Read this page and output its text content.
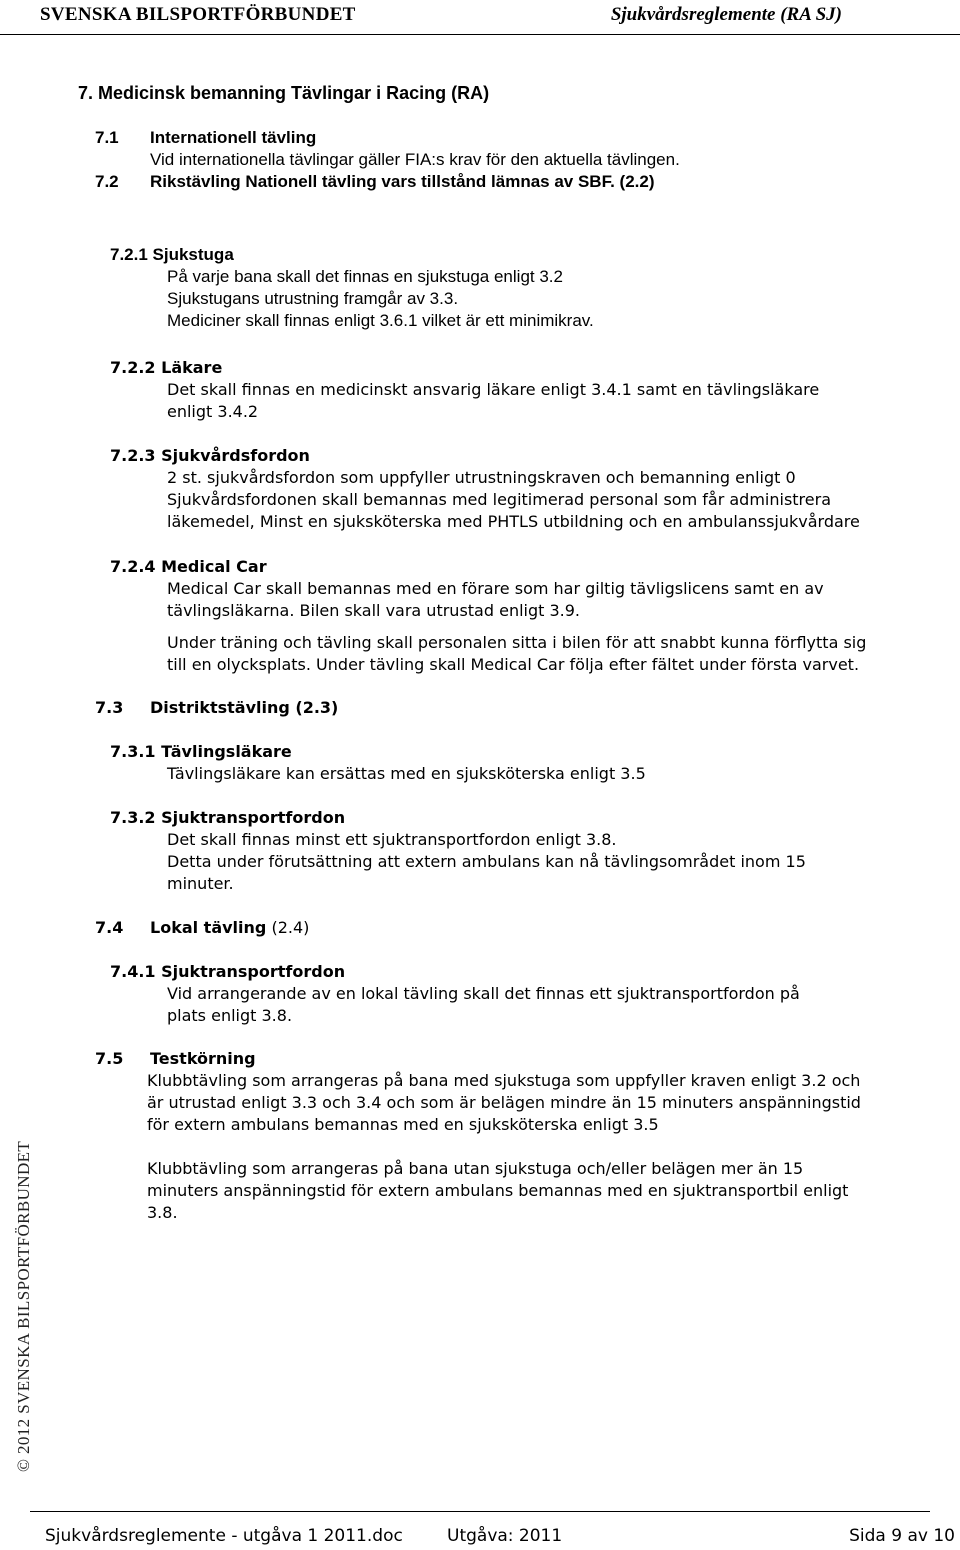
SVENSKA BILSPORTFÖRBUNDET	Sjukvårdsreglemente (RA SJ)
7. Medicinsk bemanning Tävlingar i Racing (RA)
7.1 Internationell tävling
Vid internationella tävlingar gäller FIA:s krav för den aktuella tävlingen.
7.2 Rikstävling Nationell tävling vars tillstånd lämnas av SBF. (2.2)
7.2.1 Sjukstuga
På varje bana skall det finnas en sjukstuga enligt 3.2
Sjukstugans utrustning framgår av 3.3.
Mediciner skall finnas enligt 3.6.1 vilket är ett minimikrav.
7.2.2 Läkare
Det skall finnas en medicinskt ansvarig läkare enligt 3.4.1 samt en tävlingsläkare
enligt 3.4.2
7.2.3 Sjukvårdsfordon
2 st. sjukvårdsfordon som uppfyller utrustningskraven och bemanning enligt 0
Sjukvårdsfordonen skall bemannas med legitimerad personal som får administrera
läkemedel, Minst en sjuksköterska med PHTLS utbildning och en ambulanssjukvårdare
7.2.4 Medical Car
Medical Car skall bemannas med en förare som har giltig tävligslicens samt en av
tävlingsläkarna. Bilen skall vara utrustad enligt 3.9.
Under träning och tävling skall personalen sitta i bilen för att snabbt kunna förflytta sig
till en olycksplats. Under tävling skall Medical Car följa efter fältet under första varvet.
7.3 Distriktstävling (2.3)
7.3.1 Tävlingsläkare
Tävlingsläkare kan ersättas med en sjuksköterska enligt 3.5
7.3.2 Sjuktransportfordon
Det skall finnas minst ett sjuktransportfordon enligt 3.8.
Detta under förutsättning att extern ambulans kan nå tävlingsområdet inom 15
minuter.
7.4 Lokal tävling (2.4)
7.4.1 Sjuktransportfordon
Vid arrangerande av en lokal tävling skall det finnas ett sjuktransportfordon på
plats enligt 3.8.
7.5 Testkörning
Klubbtävling som arrangeras på bana med sjukstuga som uppfyller kraven enligt 3.2 och
är utrustad enligt 3.3 och 3.4 och som är belägen mindre än 15 minuters anspänningstid
för extern ambulans bemannas med en sjuksköterska enligt 3.5
Klubbtävling som arrangeras på bana utan sjukstuga och/eller belägen mer än 15
minuters anspänningstid för extern ambulans bemannas med en sjuktransportbil enligt
3.8.
© 2012 SVENSKA BILSPORTFÖRBUNDET
Sjukvårdsreglemente - utgåva 1 2011.doc	Utgåva: 2011	Sida 9 av 10
